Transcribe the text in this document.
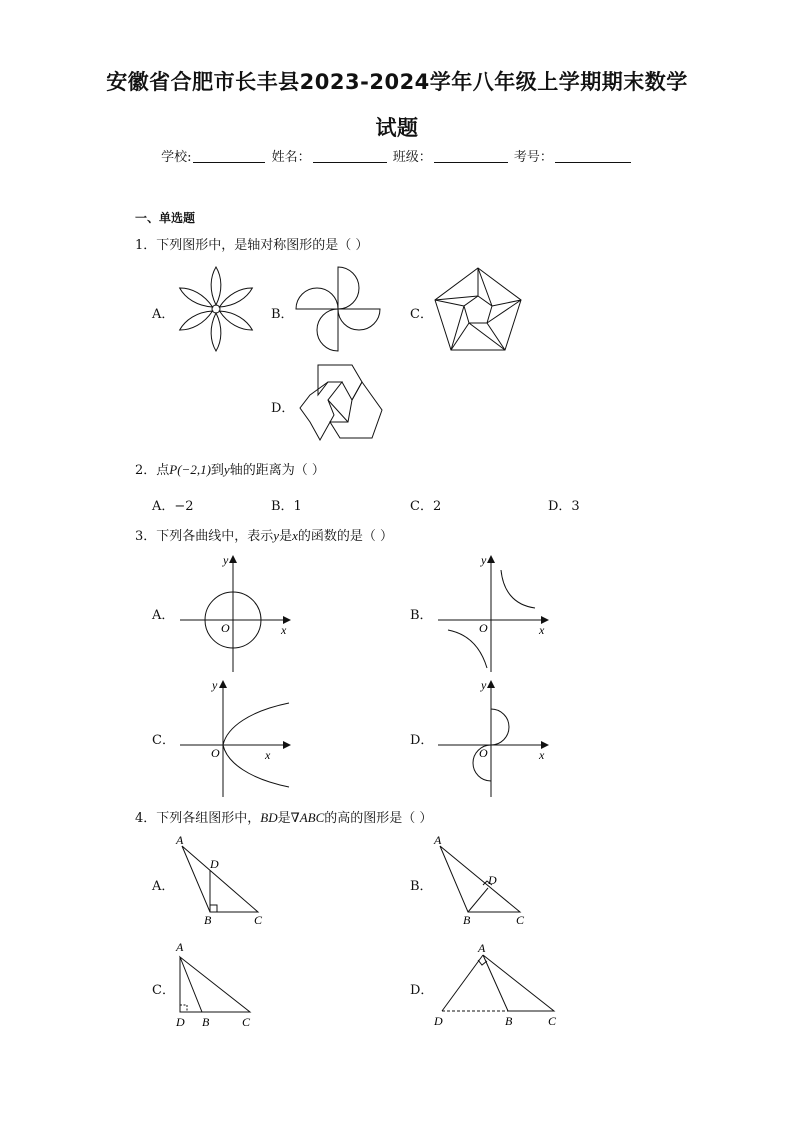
安徽省合肥市长丰县2023-2024学年八年级上学期期末数学
试题
学校:	姓名：	班级：	考号：
一、单选题
1．下列图形中，是轴对称图形的是（ ）
A．	B．	C．
D．
2．点P(−2,1)到y轴的距离为（ ）
A．−2	B．1	C．2	D．3
3．下列各曲线中，表示y是x的函数的是（ ）
A．	B．
C．	D．
O	x
y
O	x
y
O	x
y
O	x
y
4．下列各组图形中，BD是∇ABC的高的图形是（ ）
A．	B．
C．	D．
A
D
B	C
A
D
B	C
A
D B	C
A
D	B	C
